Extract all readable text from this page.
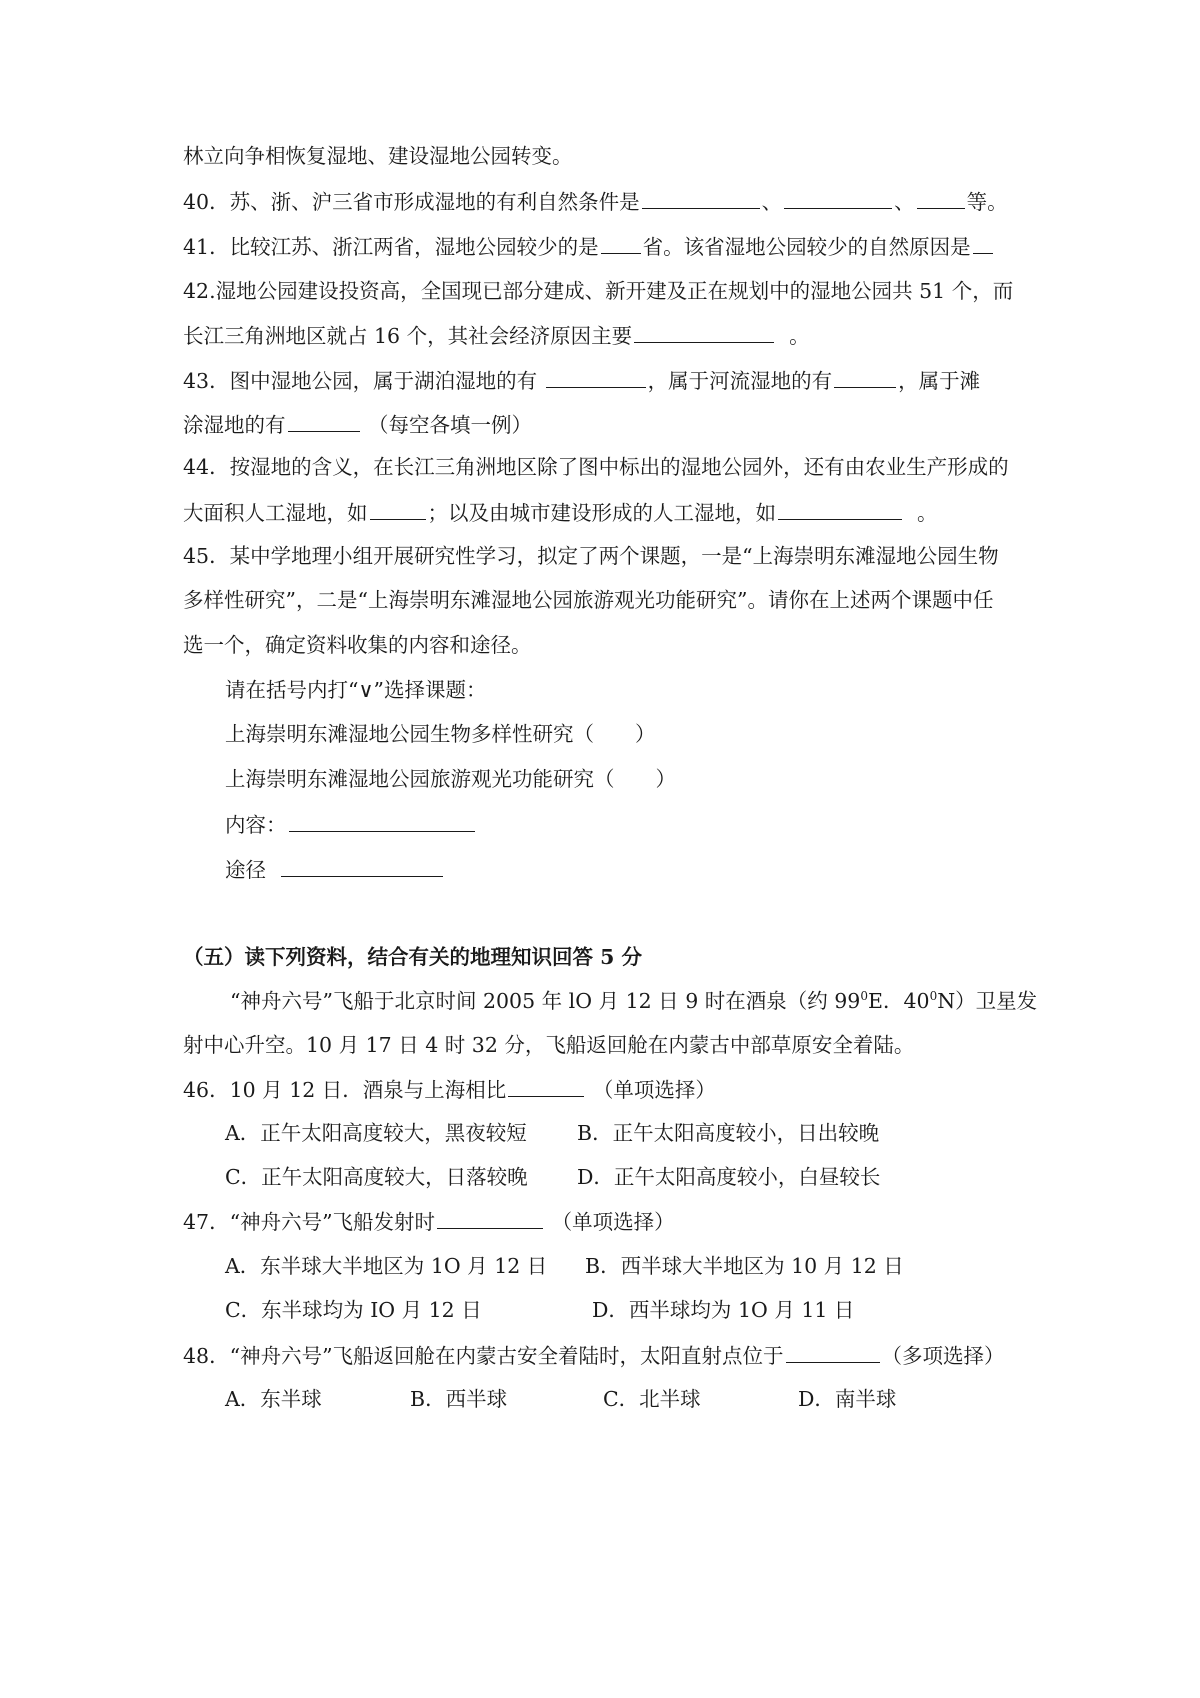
林立向争相恢复湿地、建设湿地公园转变。
40．苏、浙、沪三省市形成湿地的有利自然条件是	、	、	等。
41．比较江苏、浙江两省，湿地公园较少的是 省。该省湿地公园较少的自然原因是
42.湿地公园建设投资高，全国现已部分建成、新开建及正在规划中的湿地公园共 51 个，而
长江三角洲地区就占 16 个，其社会经济原因主要	。
43．图中湿地公园，属于湖泊湿地的有	，属于河流湿地的有	，属于滩
涂湿地的有	（每空各填一例）
44．按湿地的含义，在长江三角洲地区除了图中标出的湿地公园外，还有由农业生产形成的
大面积人工湿地，如	；以及由城市建设形成的人工湿地，如	。
45．某中学地理小组开展研究性学习，拟定了两个课题，一是“上海崇明东滩湿地公园生物
多样性研究”，二是“上海崇明东滩湿地公园旅游观光功能研究”。请你在上述两个课题中任
选一个，确定资料收集的内容和途径。
请在括号内打“∨”选择课题：
上海崇明东滩湿地公园生物多样性研究（　　）
上海崇明东滩湿地公园旅游观光功能研究（　　）
内容：
途径
（五）读下列资料，结合有关的地理知识回答 5 分
“神舟六号”飞船于北京时间 2005 年 lO 月 12 日 9 时在酒泉（约 $99^0E$．$40^0N$）卫星发
射中心升空。10 月 17 日 4 时 32 分，飞船返回舱在内蒙古中部草原安全着陆。
46．10 月 12 日．酒泉与上海相比	（单项选择）
A．正午太阳高度较大，黑夜较短 B．正午太阳高度较小，日出较晚
C．正午太阳高度较大，日落较晚 D．正午太阳高度较小，白昼较长
47．“神舟六号”飞船发射时	（单项选择）
A．东半球大半地区为 1O 月 12 日 B．西半球大半地区为 10 月 12 日
C．东半球均为 IO 月 12 日	D．西半球均为 1O 月 11 日
48．“神舟六号”飞船返回舱在内蒙古安全着陆时，太阳直射点位于	（多项选择）
A．东半球	B．西半球	C．北半球	D．南半球
